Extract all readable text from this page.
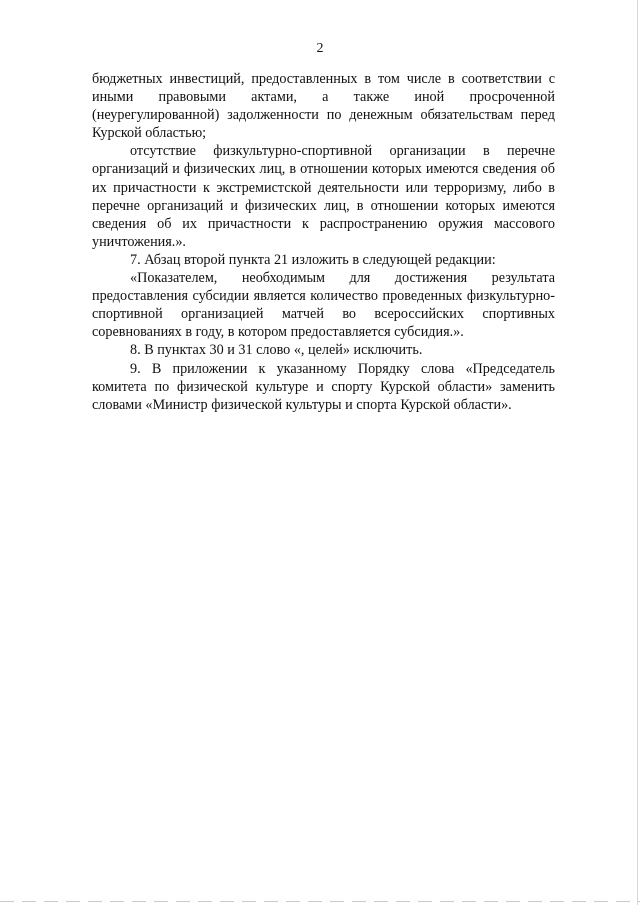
2

бюджетных инвестиций, предоставленных в том числе в соответствии с иными правовыми актами, а также иной просроченной (неурегулированной) задолженности по денежным обязательствам перед Курской областью;

отсутствие физкультурно-спортивной организации в перечне организаций и физических лиц, в отношении которых имеются сведения об их причастности к экстремистской деятельности или терроризму, либо в перечне организаций и физических лиц, в отношении которых имеются сведения об их причастности к распространению оружия массового уничтожения.».

7. Абзац второй пункта 21 изложить в следующей редакции:

«Показателем, необходимым для достижения результата предоставления субсидии является количество проведенных физкультурно-спортивной организацией матчей во всероссийских спортивных соревнованиях в году, в котором предоставляется субсидия.».

8. В пунктах 30 и 31 слово «, целей» исключить.

9. В приложении к указанному Порядку слова «Председатель комитета по физической культуре и спорту Курской области» заменить словами «Министр физической культуры и спорта Курской области».
